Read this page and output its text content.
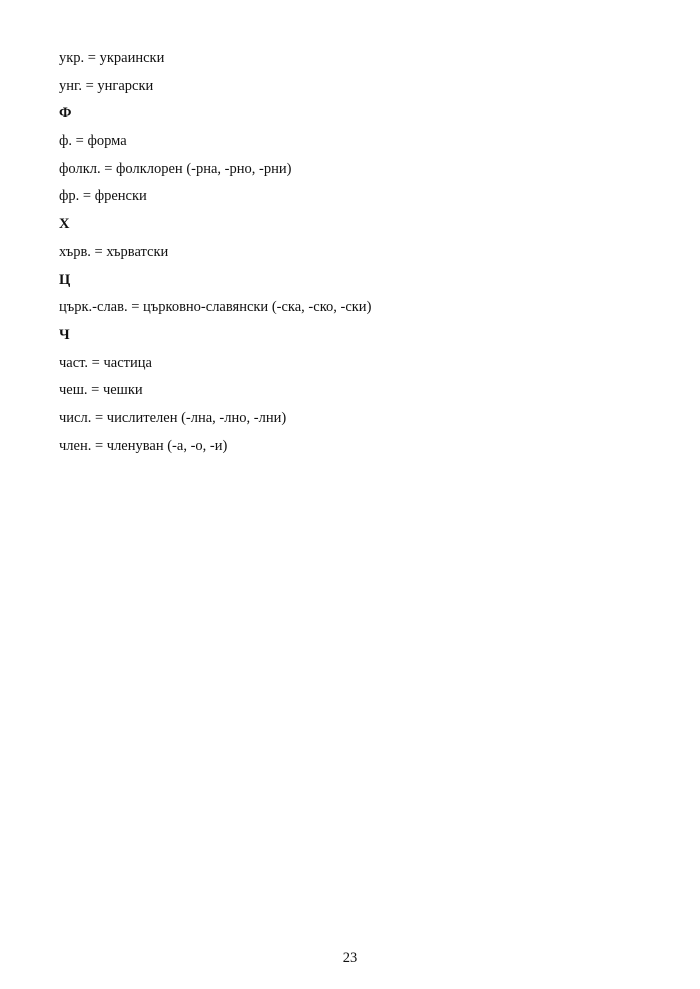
укр. = украински
унг. = унгарски
Ф
ф. = форма
фолкл. = фолклорен (-рна, -рно, -рни)
фр. = френски
Х
хърв. = хърватски
Ц
църк.-слав. = църковно-славянски (-ска, -ско, -ски)
Ч
част. = частица
чеш. = чешки
числ. = числителен (-лна, -лно, -лни)
член. = членуван (-а, -о, -и)
23
